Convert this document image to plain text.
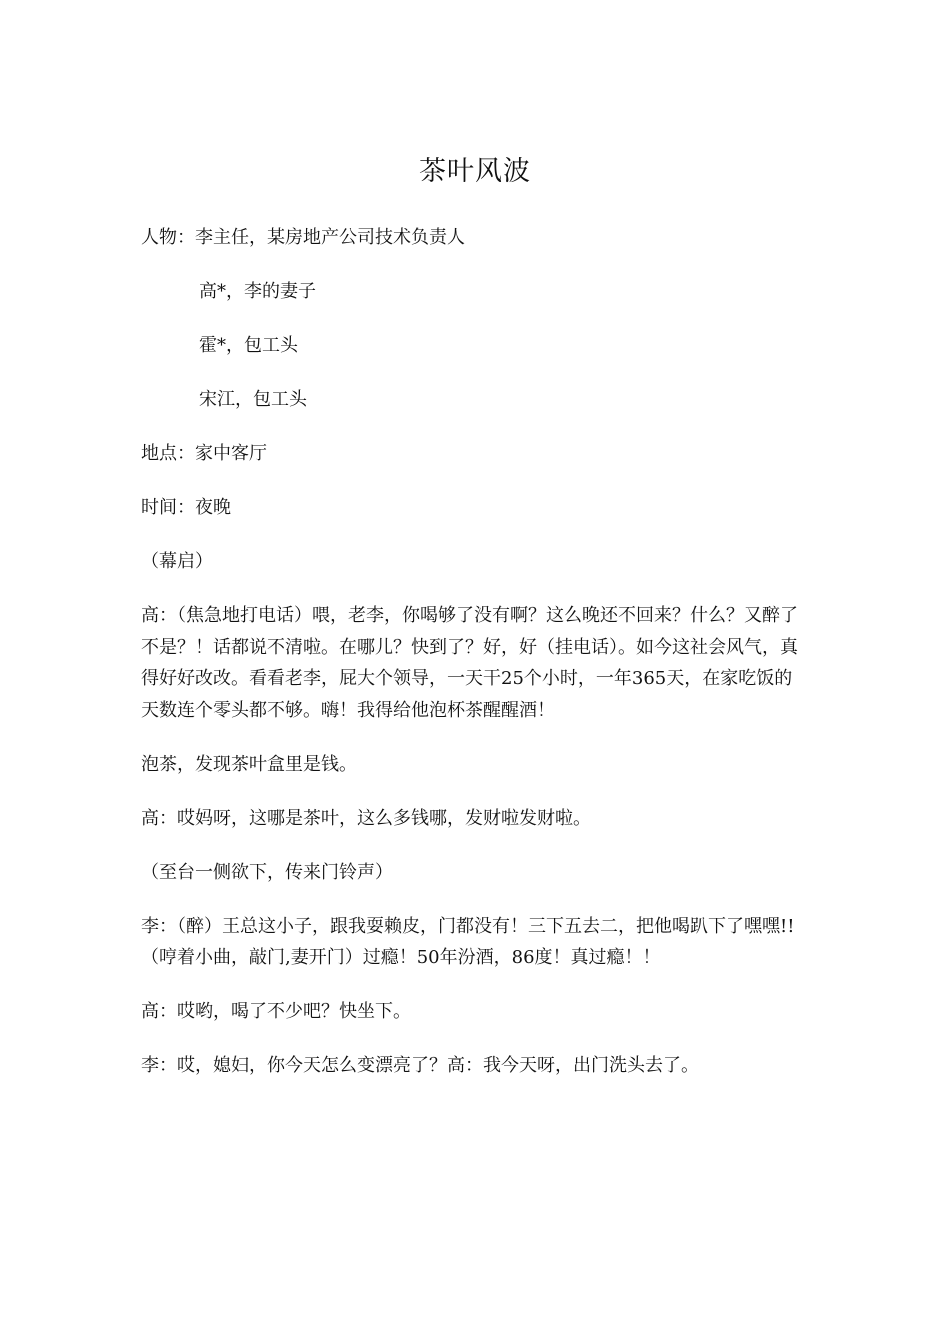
茶叶风波

人物：李主任，某房地产公司技术负责人

高*，李的妻子

霍*，包工头

宋江，包工头

地点：家中客厅

时间：夜晚

（幕启）

高：（焦急地打电话）喂，老李，你喝够了没有啊？这么晚还不回来？什么？又醉了不是？！话都说不清啦。在哪儿？快到了？好，好（挂电话）。如今这社会风气，真得好好改改。看看老李，屁大个领导，一天干25个小时，一年365天，在家吃饭的天数连个零头都不够。嗨！我得给他泡杯茶醒醒酒！

泡茶，发现茶叶盒里是钱。

高：哎妈呀，这哪是茶叶，这么多钱哪，发财啦发财啦。

（至台一侧欲下，传来门铃声）

李：（醉）王总这小子，跟我耍赖皮，门都没有！三下五去二，把他喝趴下了嘿嘿!!（哼着小曲，敲门,妻开门）过瘾！50年汾酒，86度！真过瘾！！

高：哎哟，喝了不少吧？快坐下。

李：哎，媳妇，你今天怎么变漂亮了？高：我今天呀，出门洗头去了。
